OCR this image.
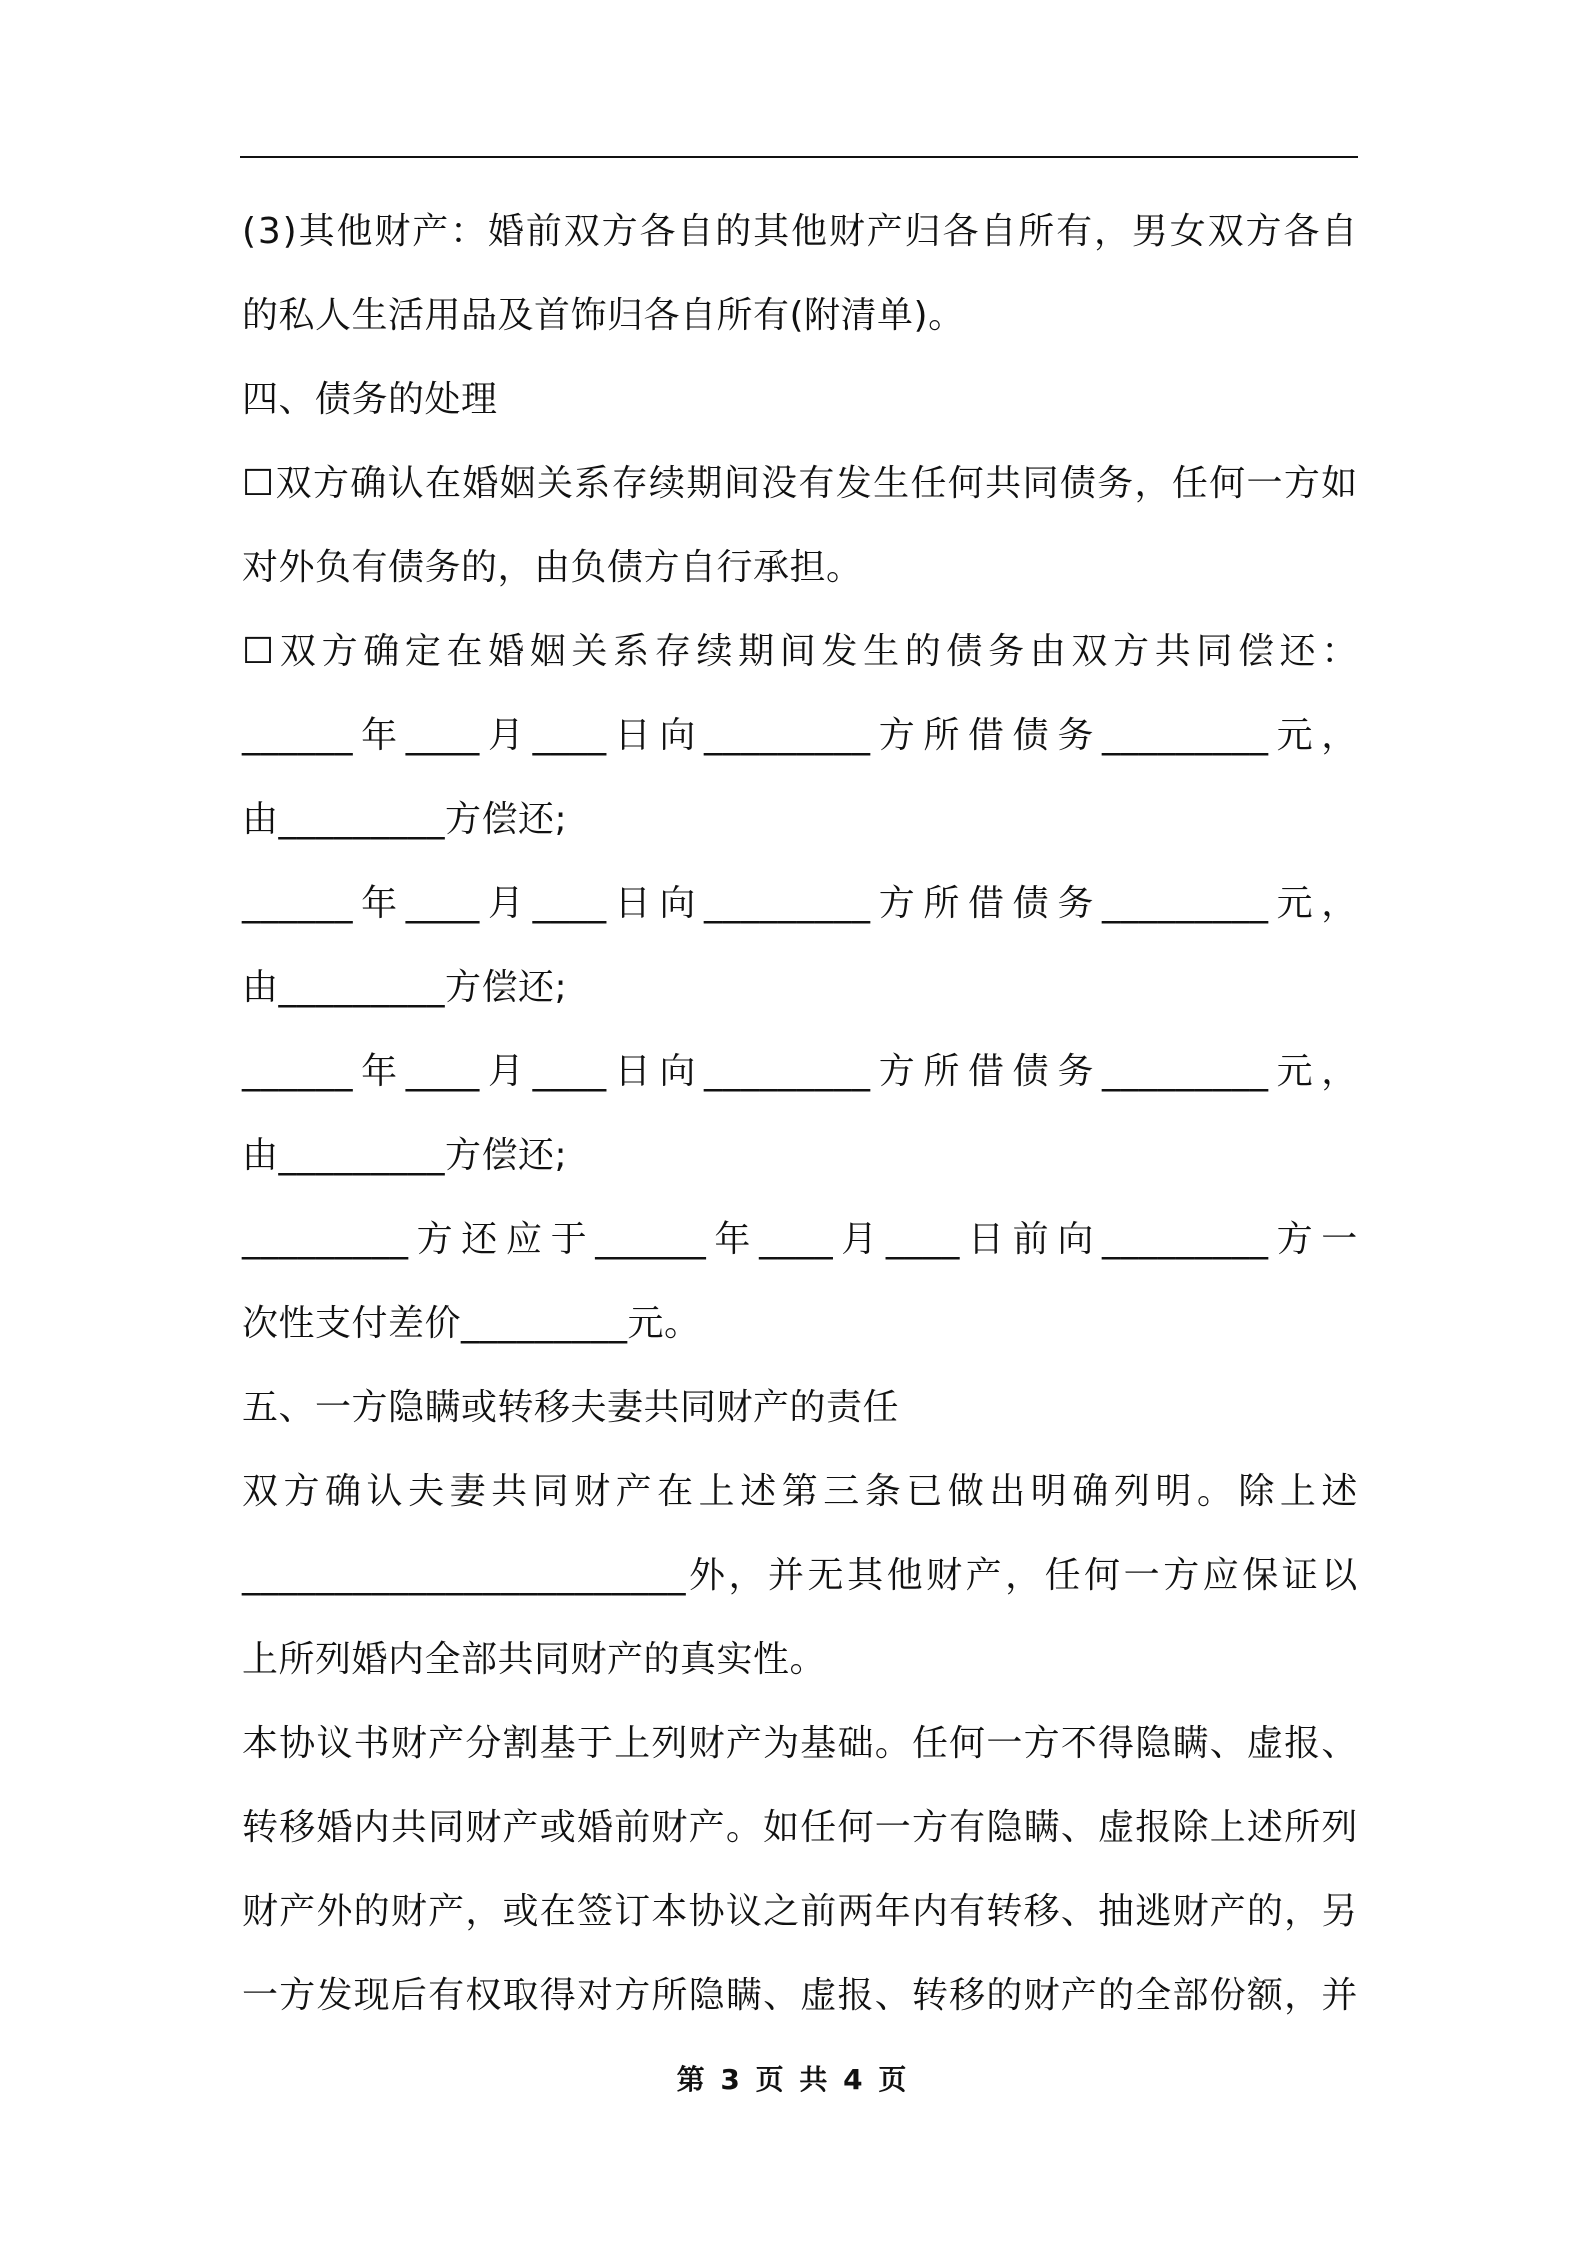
( 3 ) 其 他 财 产 ： 婚 前 双 方 各 自 的 其 他 财 产 归 各 自 所 有 ， 男 女 双 方 各 自
的私人生活用品及首饰归各自所有(附清单)。
四、债务的处理
☐ 双 方 确 认 在 婚 姻 关 系 存 续 期 间 没 有 发 生 任 何 共 同 债 务 ， 任 何 一 方 如
对外负有债务的，由负债方自行承担。
☐ 双 方 确 定 在 婚 姻 关 系 存 续 期 间 发 生 的 债 务 由 双 方 共 同 偿 还 ：
______ 年 ____ 月 ____ 日 向 _________ 方 所 借 债 务 _________ 元 ，
由_________方偿还;
______ 年 ____ 月 ____ 日 向 _________ 方 所 借 债 务 _________ 元 ，
由_________方偿还;
______ 年 ____ 月 ____ 日 向 _________ 方 所 借 债 务 _________ 元 ，
由_________方偿还;
_________ 方 还 应 于 ______ 年 ____ 月 ____ 日 前 向 _________ 方 一
次性支付差价_________元。
五、一方隐瞒或转移夫妻共同财产的责任
双 方 确 认 夫 妻 共 同 财 产 在 上 述 第 三 条 已 做 出 明 确 列 明 。 除 上 述
________________________ 外 ， 并 无 其 他 财 产 ， 任 何 一 方 应 保 证 以
上所列婚内全部共同财产的真实性。
本 协 议 书 财 产 分 割 基 于 上 列 财 产 为 基 础 。 任 何 一 方 不 得 隐 瞒 、 虚 报 、
转 移 婚 内 共 同 财 产 或 婚 前 财 产 。 如 任 何 一 方 有 隐 瞒 、 虚 报 除 上 述 所 列
财 产 外 的 财 产 ， 或 在 签 订 本 协 议 之 前 两 年 内 有 转 移 、 抽 逃 财 产 的 ， 另
一 方 发 现 后 有 权 取 得 对 方 所 隐 瞒 、 虚 报 、 转 移 的 财 产 的 全 部 份 额 ， 并
第 3 页 共 4 页
